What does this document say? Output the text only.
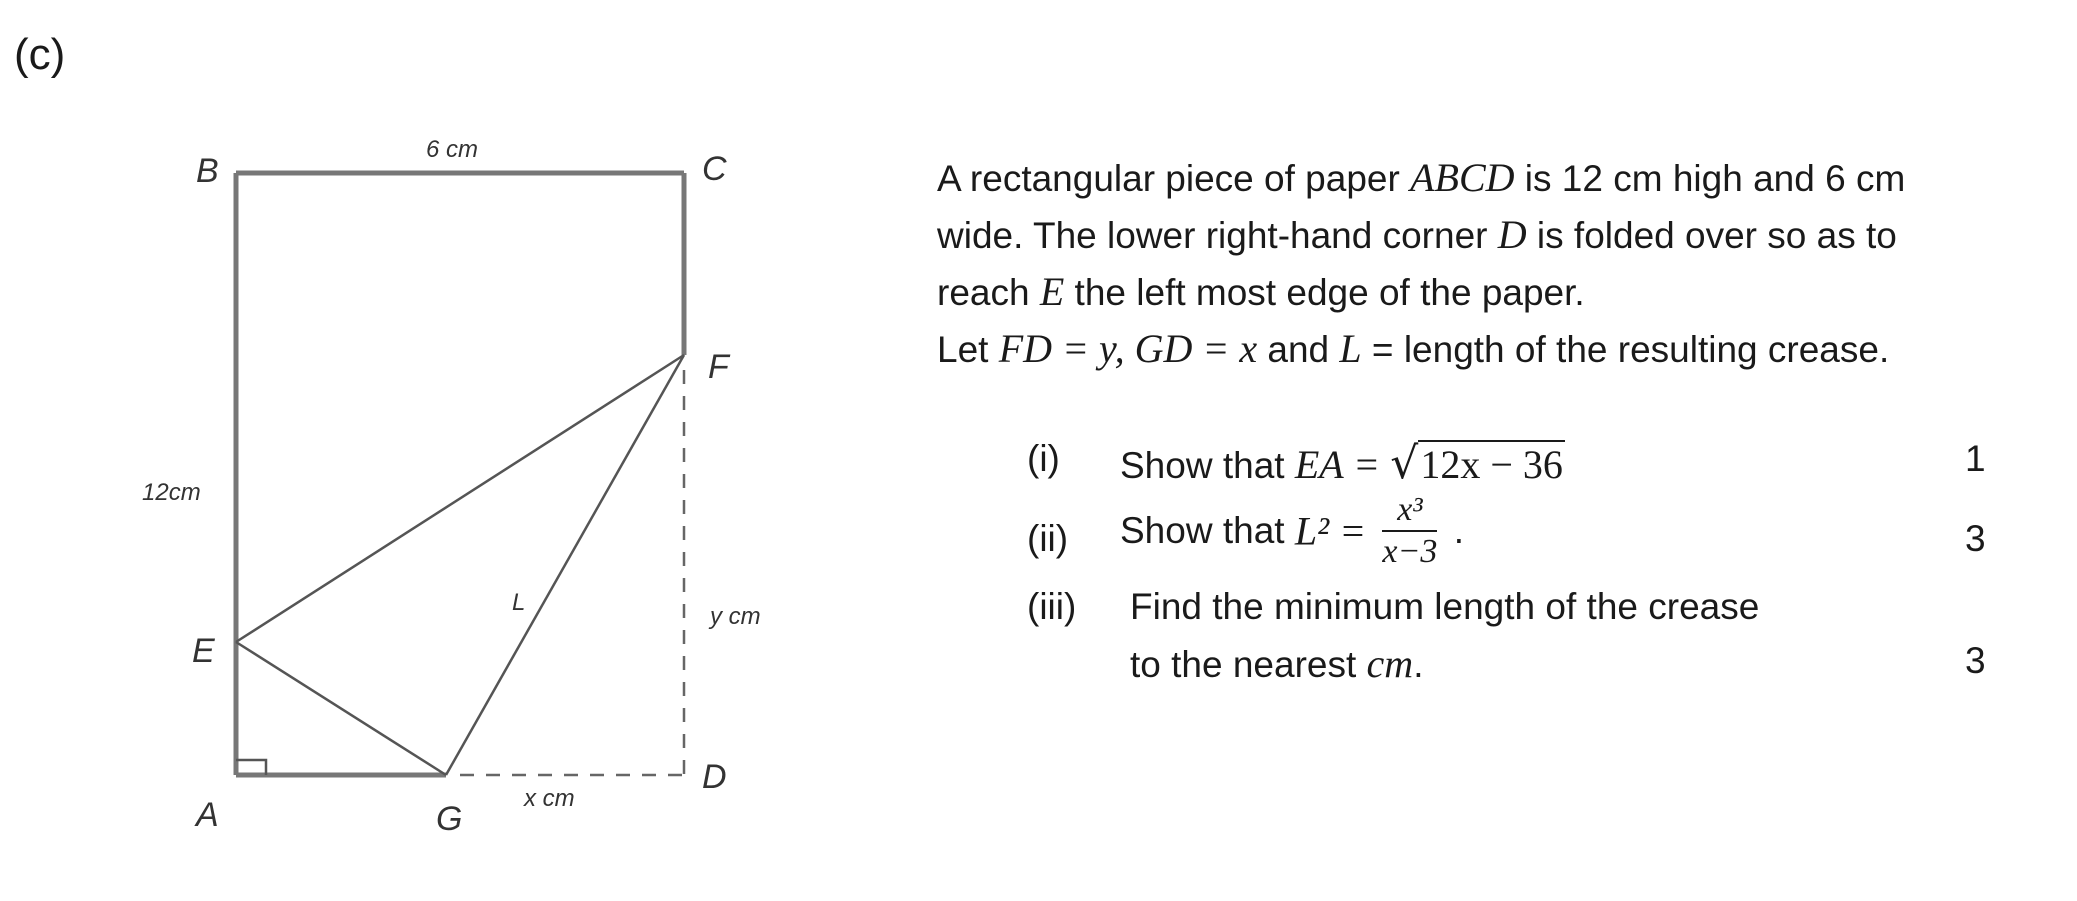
(c)
B	C
F
E
A	G
D
6 cm
12cm
y cm
x cm
L

A rectangular piece of paper ABCD is 12 cm high and 6 cm

wide. The lower right-hand corner D is folded over so as to

reach E the left most edge of the paper.

Let FD = y, GD = x and L = length of the resulting crease.

(i) Show that EA = √12x − 36	1
(ii) Show that $L^2 = \frac{\text{x³}}{x-3}$ .	3
(iii) Find the minimum length of the crease
to the nearest cm.	3
